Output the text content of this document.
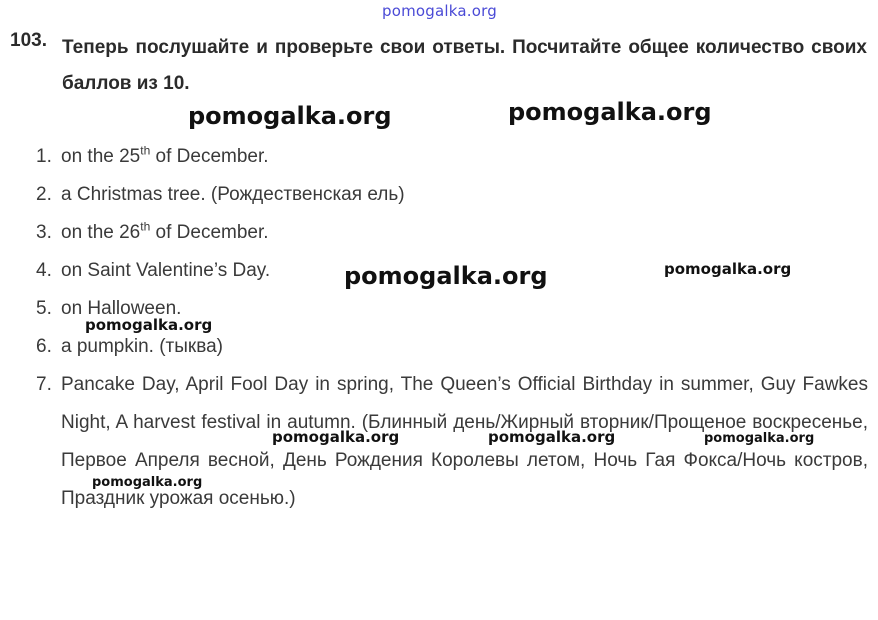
pomogalka.org
103. Теперь послушайте и проверьте свои ответы. Посчитайте общее количество своих баллов из 10.
1. on the 25th of December.
2. a Christmas tree. (Рождественская ель)
3. on the 26th of December.
4. on Saint Valentine’s Day.
5. on Halloween.
6. a pumpkin. (тыква)
7. Pancake Day, April Fool Day in spring, The Queen’s Official Birthday in summer, Guy Fawkes Night, A harvest festival in autumn. (Блинный день/Жирный вторник/Прощеное воскресенье, Первое Апреля весной, День Рождения Королевы летом, Ночь Гая Фокса/Ночь костров, Праздник урожая осенью.)
pomogalka.org	pomogalka.org
pomogalka.org	pomogalka.org
pomogalka.org
pomogalka.org	pomogalka.org	pomogalka.org
pomogalka.org
